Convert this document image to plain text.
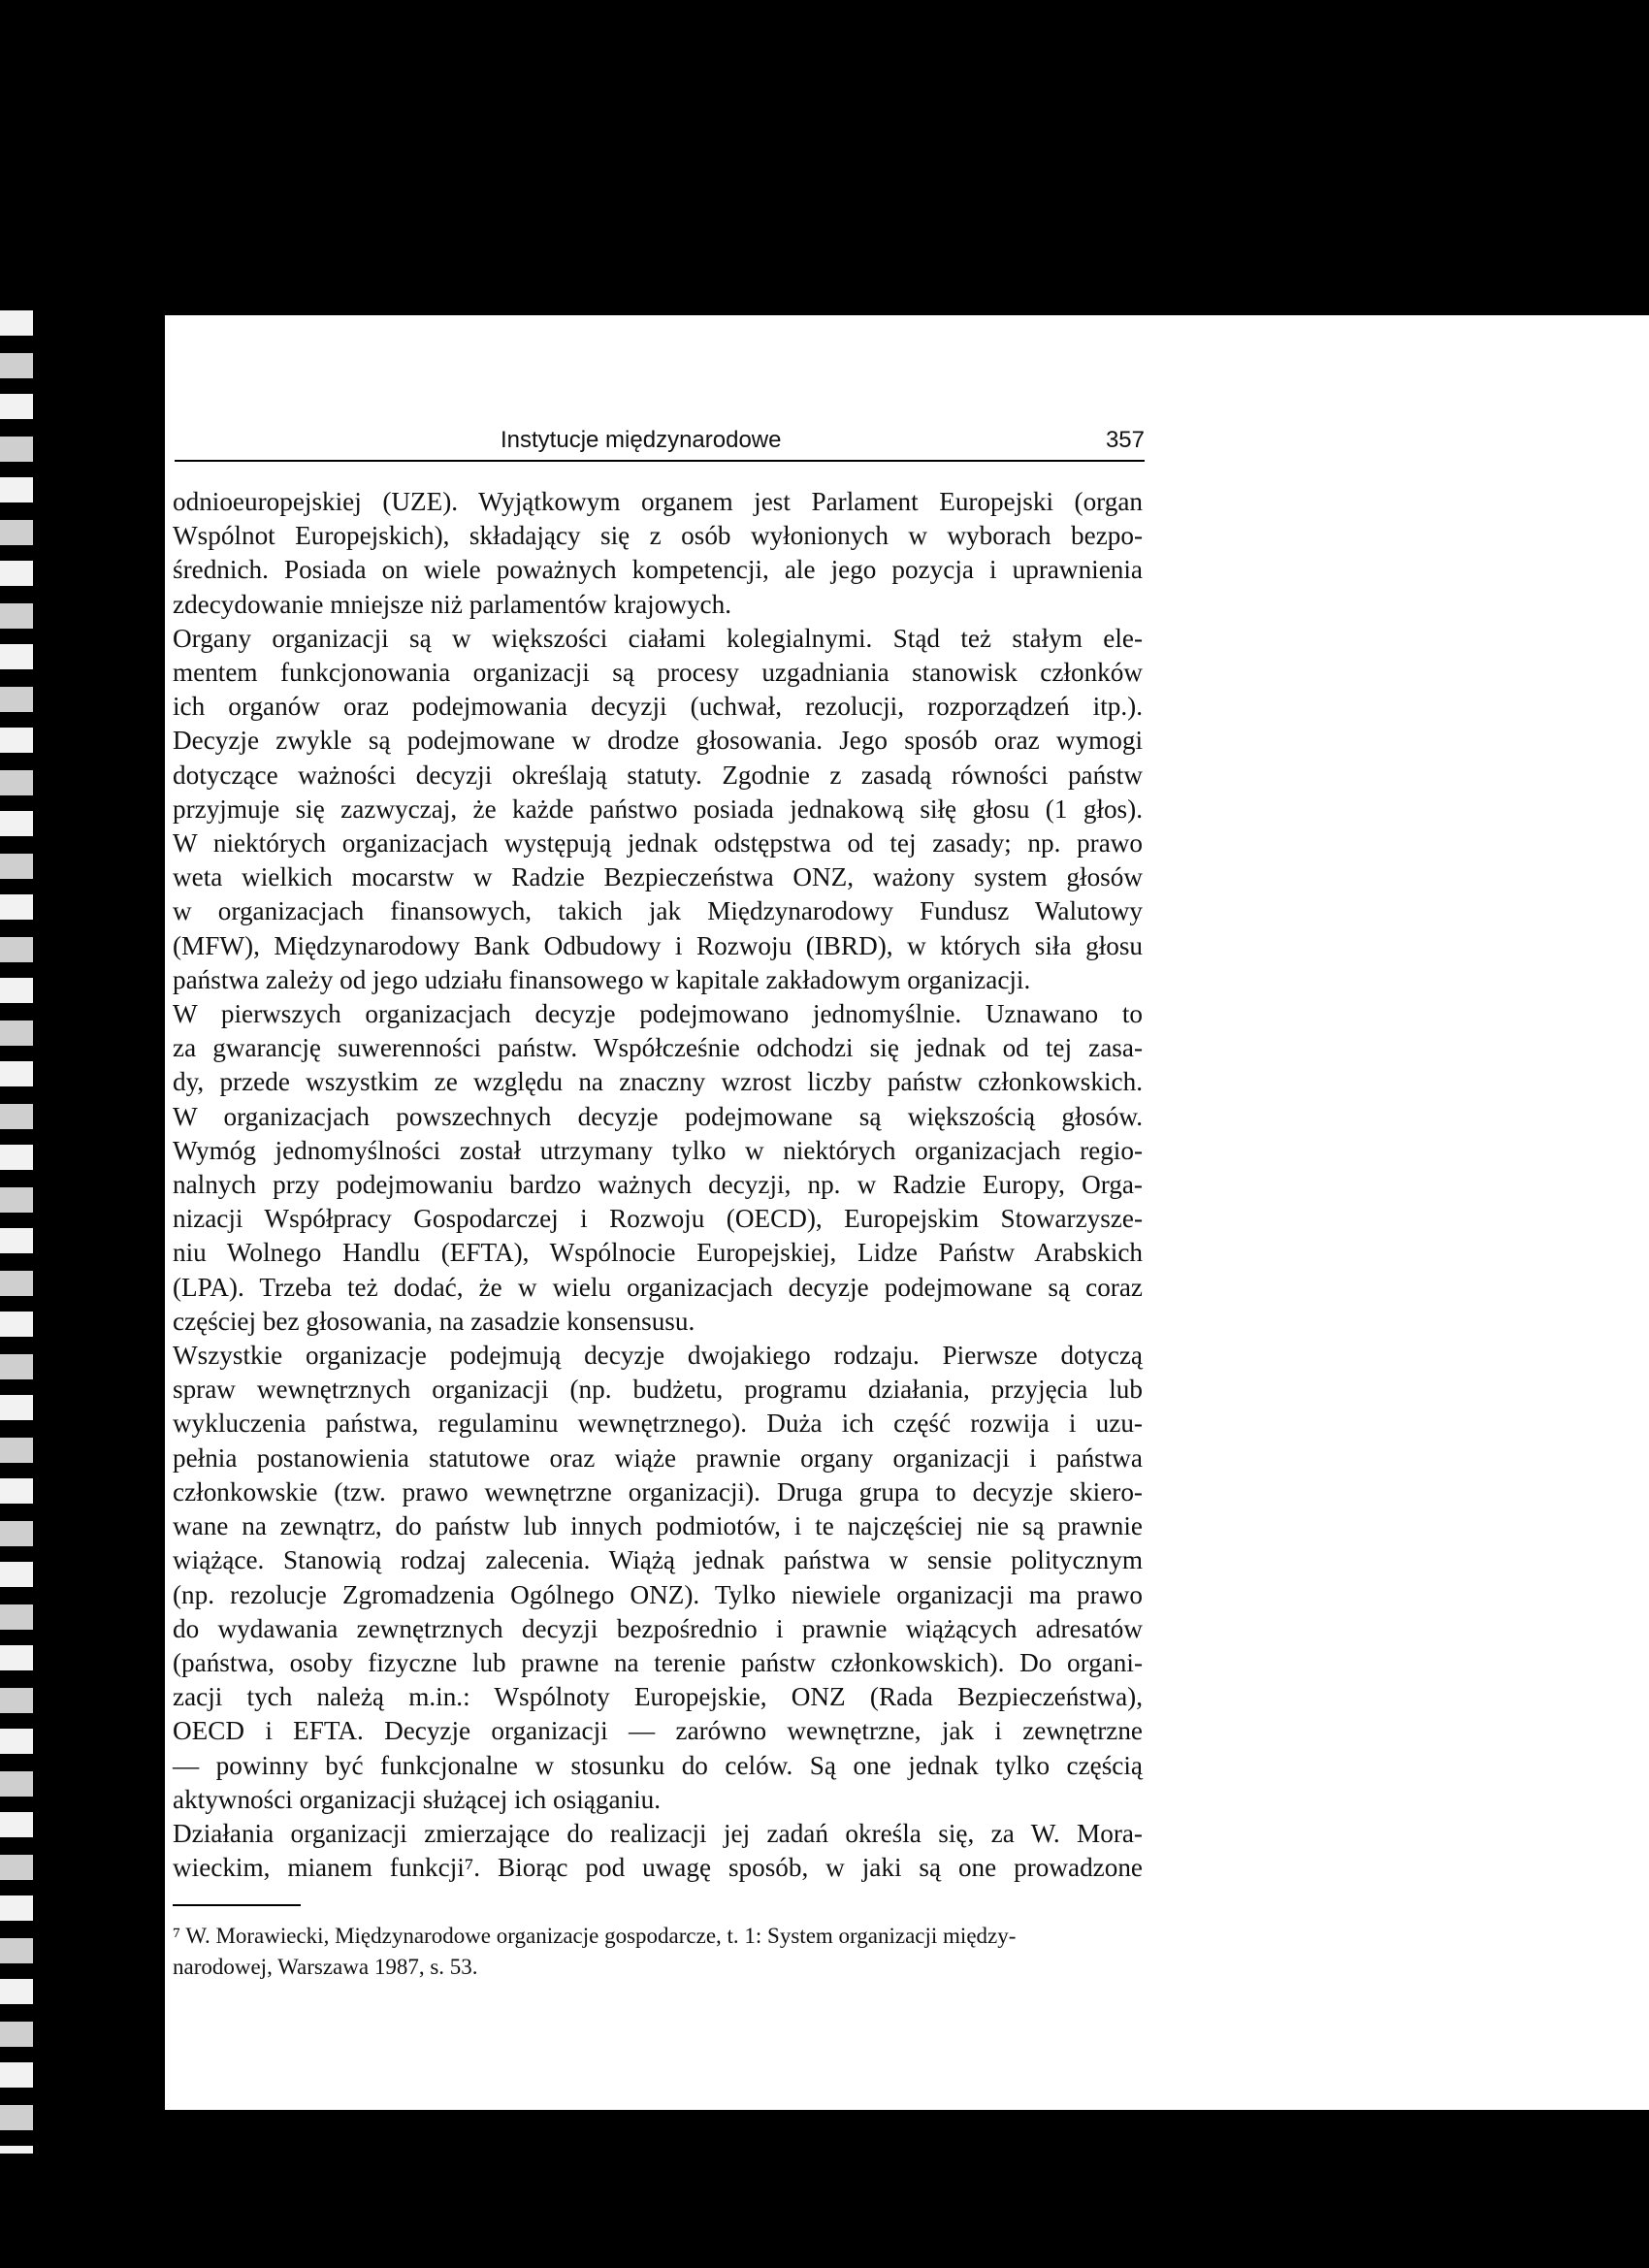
Instytucje międzynarodowe	357
odnioeuropejskiej (UZE). Wyjątkowym organem jest Parlament Europejski (organ
Wspólnot Europejskich), składający się z osób wyłonionych w wyborach bezpo-
średnich. Posiada on wiele poważnych kompetencji, ale jego pozycja i uprawnienia
zdecydowanie mniejsze niż parlamentów krajowych.
Organy organizacji są w większości ciałami kolegialnymi. Stąd też stałym ele-
mentem funkcjonowania organizacji są procesy uzgadniania stanowisk członków
ich organów oraz podejmowania decyzji (uchwał, rezolucji, rozporządzeń itp.).
Decyzje zwykle są podejmowane w drodze głosowania. Jego sposób oraz wymogi
dotyczące ważności decyzji określają statuty. Zgodnie z zasadą równości państw
przyjmuje się zazwyczaj, że każde państwo posiada jednakową siłę głosu (1 głos).
W niektórych organizacjach występują jednak odstępstwa od tej zasady; np. prawo
weta wielkich mocarstw w Radzie Bezpieczeństwa ONZ, ważony system głosów
w organizacjach finansowych, takich jak Międzynarodowy Fundusz Walutowy
(MFW), Międzynarodowy Bank Odbudowy i Rozwoju (IBRD), w których siła głosu
państwa zależy od jego udziału finansowego w kapitale zakładowym organizacji.
W pierwszych organizacjach decyzje podejmowano jednomyślnie. Uznawano to
za gwarancję suwerenności państw. Współcześnie odchodzi się jednak od tej zasa-
dy, przede wszystkim ze względu na znaczny wzrost liczby państw członkowskich.
W organizacjach powszechnych decyzje podejmowane są większością głosów.
Wymóg jednomyślności został utrzymany tylko w niektórych organizacjach regio-
nalnych przy podejmowaniu bardzo ważnych decyzji, np. w Radzie Europy, Orga-
nizacji Współpracy Gospodarczej i Rozwoju (OECD), Europejskim Stowarzysze-
niu Wolnego Handlu (EFTA), Wspólnocie Europejskiej, Lidze Państw Arabskich
(LPA). Trzeba też dodać, że w wielu organizacjach decyzje podejmowane są coraz
częściej bez głosowania, na zasadzie konsensusu.
Wszystkie organizacje podejmują decyzje dwojakiego rodzaju. Pierwsze dotyczą
spraw wewnętrznych organizacji (np. budżetu, programu działania, przyjęcia lub
wykluczenia państwa, regulaminu wewnętrznego). Duża ich część rozwija i uzu-
pełnia postanowienia statutowe oraz wiąże prawnie organy organizacji i państwa
członkowskie (tzw. prawo wewnętrzne organizacji). Druga grupa to decyzje skiero-
wane na zewnątrz, do państw lub innych podmiotów, i te najczęściej nie są prawnie
wiążące. Stanowią rodzaj zalecenia. Wiążą jednak państwa w sensie politycznym
(np. rezolucje Zgromadzenia Ogólnego ONZ). Tylko niewiele organizacji ma prawo
do wydawania zewnętrznych decyzji bezpośrednio i prawnie wiążących adresatów
(państwa, osoby fizyczne lub prawne na terenie państw członkowskich). Do organi-
zacji tych należą m.in.: Wspólnoty Europejskie, ONZ (Rada Bezpieczeństwa),
OECD i EFTA. Decyzje organizacji — zarówno wewnętrzne, jak i zewnętrzne
— powinny być funkcjonalne w stosunku do celów. Są one jednak tylko częścią
aktywności organizacji służącej ich osiąganiu.
Działania organizacji zmierzające do realizacji jej zadań określa się, za W. Mora-
wieckim, mianem funkcji⁷. Biorąc pod uwagę sposób, w jaki są one prowadzone
⁷ W. Morawiecki, Międzynarodowe organizacje gospodarcze, t. 1: System organizacji między-
narodowej, Warszawa 1987, s. 53.
